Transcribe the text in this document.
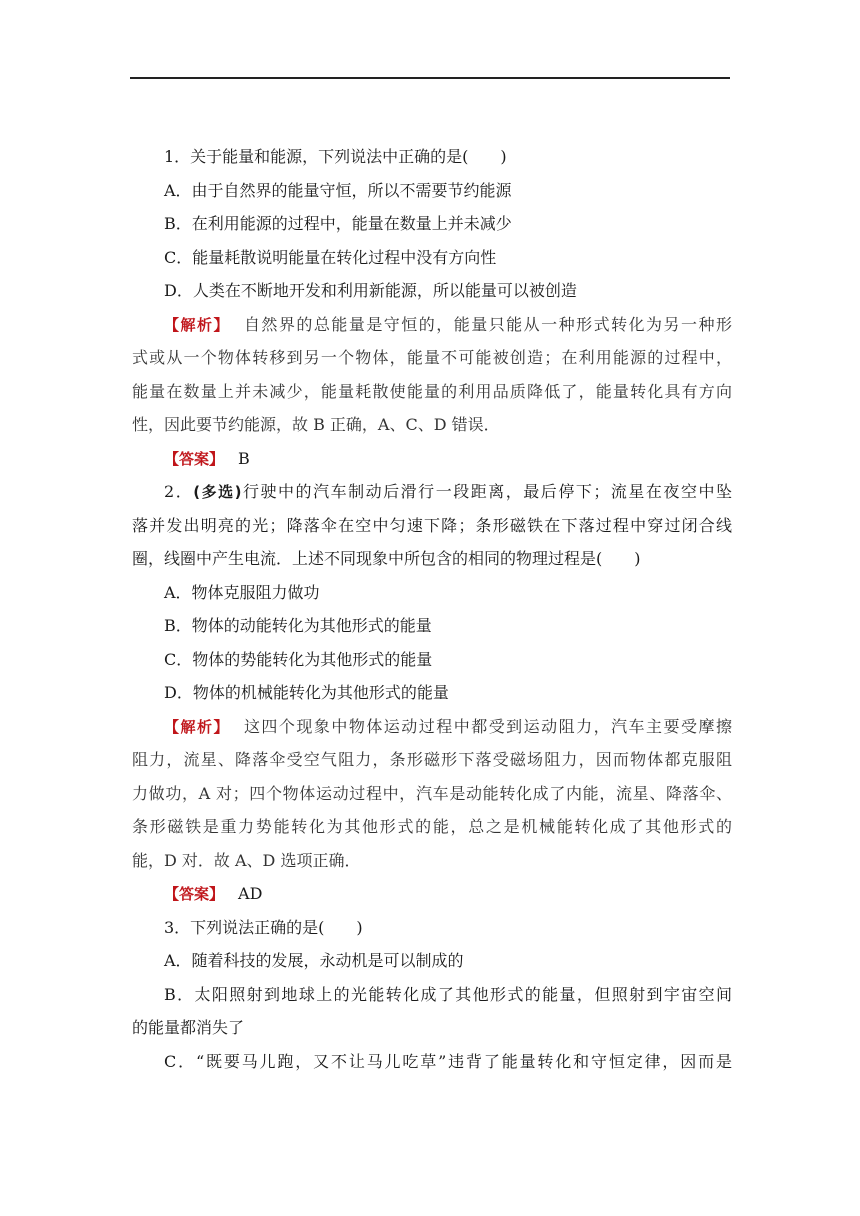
1．关于能量和能源，下列说法中正确的是(　　)
A．由于自然界的能量守恒，所以不需要节约能源
B．在利用能源的过程中，能量在数量上并未减少
C．能量耗散说明能量在转化过程中没有方向性
D．人类在不断地开发和利用新能源，所以能量可以被创造
【解析】 自然界的总能量是守恒的，能量只能从一种形式转化为另一种形
式或从一个物体转移到另一个物体，能量不可能被创造；在利用能源的过程中，
能量在数量上并未减少，能量耗散使能量的利用品质降低了，能量转化具有方向
性，因此要节约能源，故 B 正确，A、C、D 错误．
【答案】 B
2．(多选)行驶中的汽车制动后滑行一段距离，最后停下；流星在夜空中坠
落并发出明亮的光；降落伞在空中匀速下降；条形磁铁在下落过程中穿过闭合线
圈，线圈中产生电流．上述不同现象中所包含的相同的物理过程是(　　)
A．物体克服阻力做功
B．物体的动能转化为其他形式的能量
C．物体的势能转化为其他形式的能量
D．物体的机械能转化为其他形式的能量
【解析】 这四个现象中物体运动过程中都受到运动阻力，汽车主要受摩擦
阻力，流星、降落伞受空气阻力，条形磁形下落受磁场阻力，因而物体都克服阻
力做功，A 对；四个物体运动过程中，汽车是动能转化成了内能，流星、降落伞、
条形磁铁是重力势能转化为其他形式的能，总之是机械能转化成了其他形式的
能，D 对．故 A、D 选项正确．
【答案】 AD
3．下列说法正确的是(　　)
A．随着科技的发展，永动机是可以制成的
B．太阳照射到地球上的光能转化成了其他形式的能量，但照射到宇宙空间
的能量都消失了
C．“既要马儿跑，又不让马儿吃草”违背了能量转化和守恒定律，因而是
